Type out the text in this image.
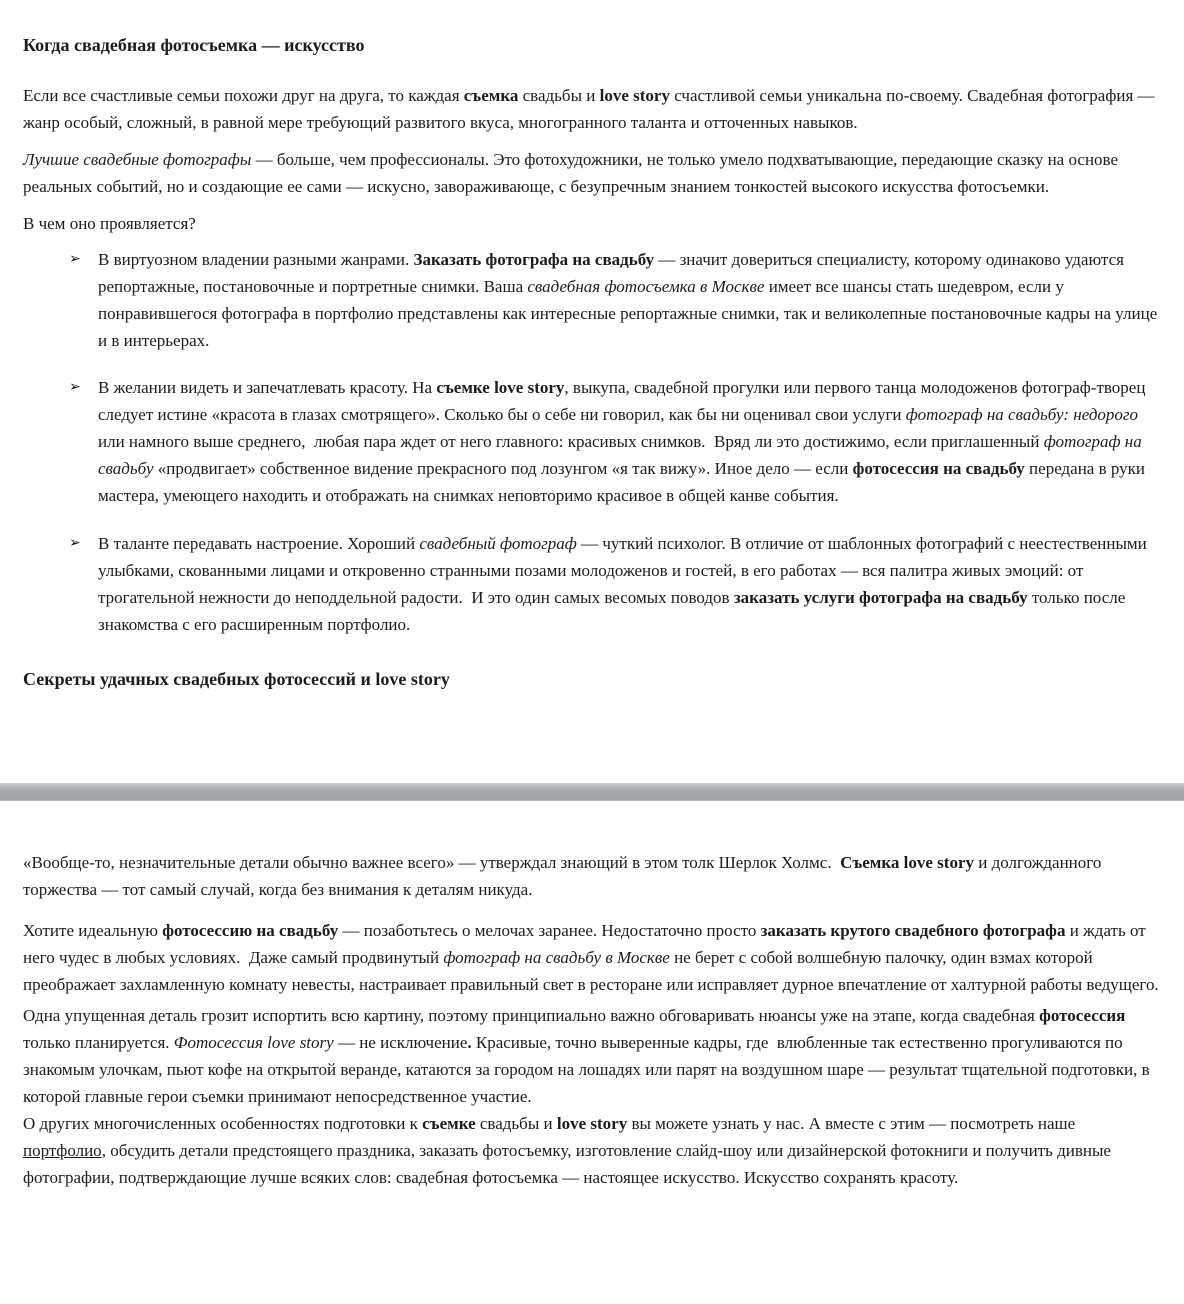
Когда свадебная фотосъемка — искусство

Если все счастливые семьи похожи друг на друга, то каждая съемка свадьбы и love story счастливой семьи уникальна по-своему. Свадебная фотография — жанр особый, сложный, в равной мере требующий развитого вкуса, многогранного таланта и отточенных навыков.

Лучшие свадебные фотографы — больше, чем профессионалы. Это фотохудожники, не только умело подхватывающие, передающие сказку на основе реальных событий, но и создающие ее сами — искусно, завораживающе, с безупречным знанием тонкостей высокого искусства фотосъемки.

В чем оно проявляется?

➢ В виртуозном владении разными жанрами. Заказать фотографа на свадьбу — значит довериться специалисту, которому одинаково удаются репортажные, постановочные и портретные снимки. Ваша свадебная фотосъемка в Москве имеет все шансы стать шедевром, если у понравившегося фотографа в портфолио представлены как интересные репортажные снимки, так и великолепные постановочные кадры на улице и в интерьерах.
➢ В желании видеть и запечатлевать красоту. На съемке love story, выкупа, свадебной прогулки или первого танца молодоженов фотограф-творец следует истине «красота в глазах смотрящего». Сколько бы о себе ни говорил, как бы ни оценивал свои услуги фотограф на свадьбу: недорого или намного выше среднего,  любая пара ждет от него главного: красивых снимков.  Вряд ли это достижимо, если приглашенный фотограф на свадьбу «продвигает» собственное видение прекрасного под лозунгом «я так вижу». Иное дело — если фотосессия на свадьбу передана в руки мастера, умеющего находить и отображать на снимках неповторимо красивое в общей канве события.
➢ В таланте передавать настроение. Хороший свадебный фотограф — чуткий психолог. В отличие от шаблонных фотографий с неестественными улыбками, скованными лицами и откровенно странными позами молодоженов и гостей, в его работах — вся палитра живых эмоций: от трогательной нежности до неподдельной радости.  И это один самых весомых поводов заказать услуги фотографа на свадьбу только после знакомства с его расширенным портфолио.
Секреты удачных свадебных фотосессий и love story

«Вообще-то, незначительные детали обычно важнее всего» — утверждал знающий в этом толк Шерлок Холмс.  Съемка love story и долгожданного торжества — тот самый случай, когда без внимания к деталям никуда.

Хотите идеальную фотосессию на свадьбу — позаботьтесь о мелочах заранее. Недостаточно просто заказать крутого свадебного фотографа и ждать от него чудес в любых условиях.  Даже самый продвинутый фотограф на свадьбу в Москве не берет с собой волшебную палочку, один взмах которой преображает захламленную комнату невесты, настраивает правильный свет в ресторане или исправляет дурное впечатление от халтурной работы ведущего.

Одна упущенная деталь грозит испортить всю картину, поэтому принципиально важно обговаривать нюансы уже на этапе, когда свадебная фотосессия только планируется. Фотосессия love story — не исключение. Красивые, точно выверенные кадры, где  влюбленные так естественно прогуливаются по знакомым улочкам, пьют кофе на открытой веранде, катаются за городом на лошадях или парят на воздушном шаре — результат тщательной подготовки, в которой главные герои съемки принимают непосредственное участие.

О других многочисленных особенностях подготовки к съемке свадьбы и love story вы можете узнать у нас. А вместе с этим — посмотреть наше портфолио, обсудить детали предстоящего праздника, заказать фотосъемку, изготовление слайд-шоу или дизайнерской фотокниги и получить дивные фотографии, подтверждающие лучше всяких слов: свадебная фотосъемка — настоящее искусство. Искусство сохранять красоту.
